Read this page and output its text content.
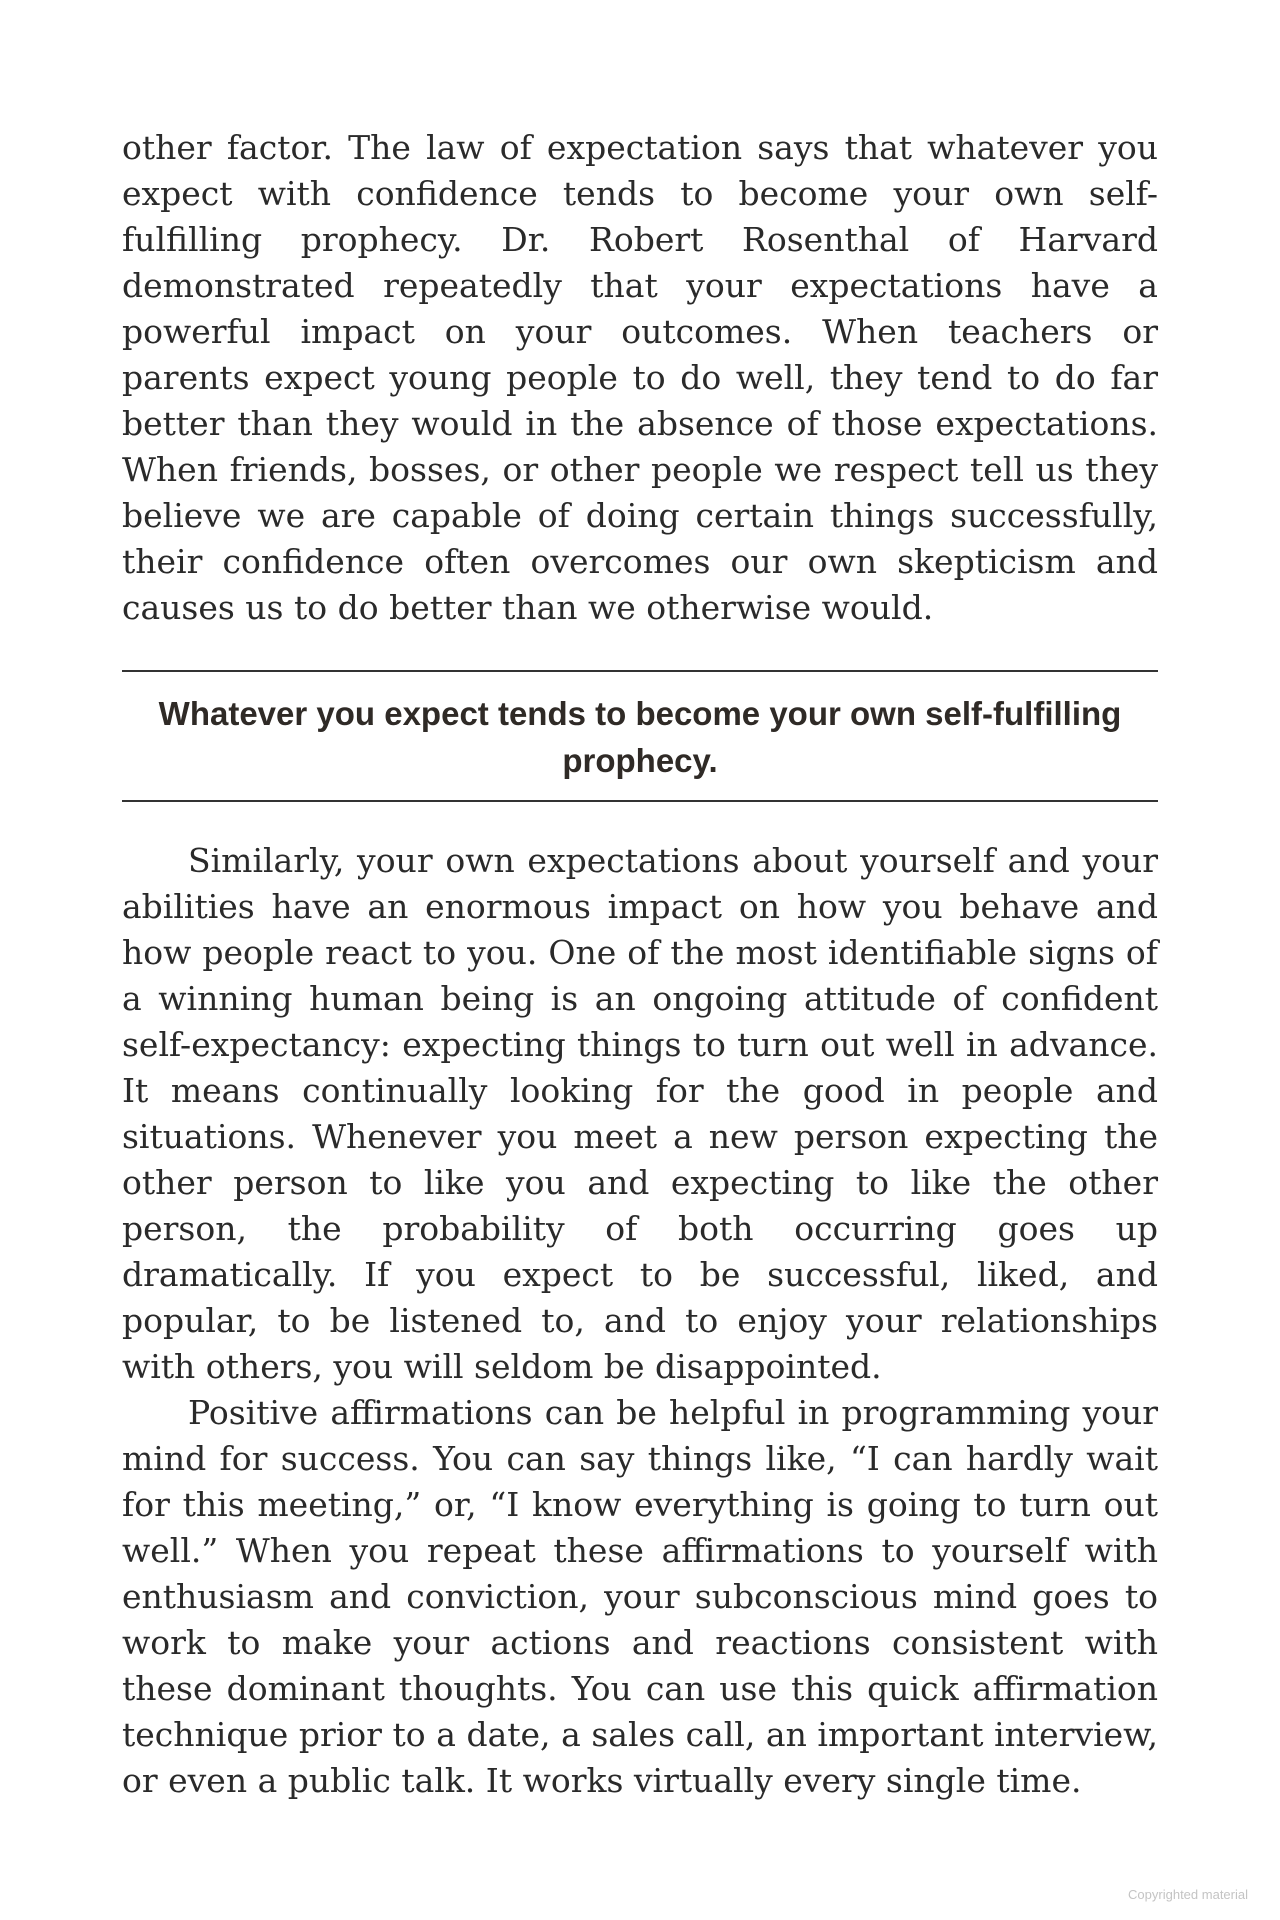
other factor. The law of expectation says that whatever you expect with confidence tends to become your own self-fulfilling prophecy. Dr. Robert Rosenthal of Harvard demonstrated repeatedly that your expectations have a powerful impact on your outcomes. When teachers or parents expect young people to do well, they tend to do far better than they would in the absence of those expectations. When friends, bosses, or other people we respect tell us they believe we are capable of doing certain things successfully, their confidence often overcomes our own skepticism and causes us to do better than we otherwise would.

Whatever you expect tends to become your own self-fulfilling prophecy.

Similarly, your own expectations about yourself and your abilities have an enormous impact on how you behave and how people react to you. One of the most identifiable signs of a winning human being is an ongoing attitude of confident self-expectancy: expecting things to turn out well in advance. It means continually looking for the good in people and situations. Whenever you meet a new person expecting the other person to like you and expecting to like the other person, the probability of both occurring goes up dramatically. If you expect to be successful, liked, and popular, to be listened to, and to enjoy your relationships with others, you will seldom be disappointed.

Positive affirmations can be helpful in programming your mind for success. You can say things like, “I can hardly wait for this meeting,” or, “I know everything is going to turn out well.” When you repeat these affirmations to yourself with enthusiasm and conviction, your subconscious mind goes to work to make your actions and reactions consistent with these dominant thoughts. You can use this quick affirmation technique prior to a date, a sales call, an important interview, or even a public talk. It works virtually every single time.

Copyrighted material
